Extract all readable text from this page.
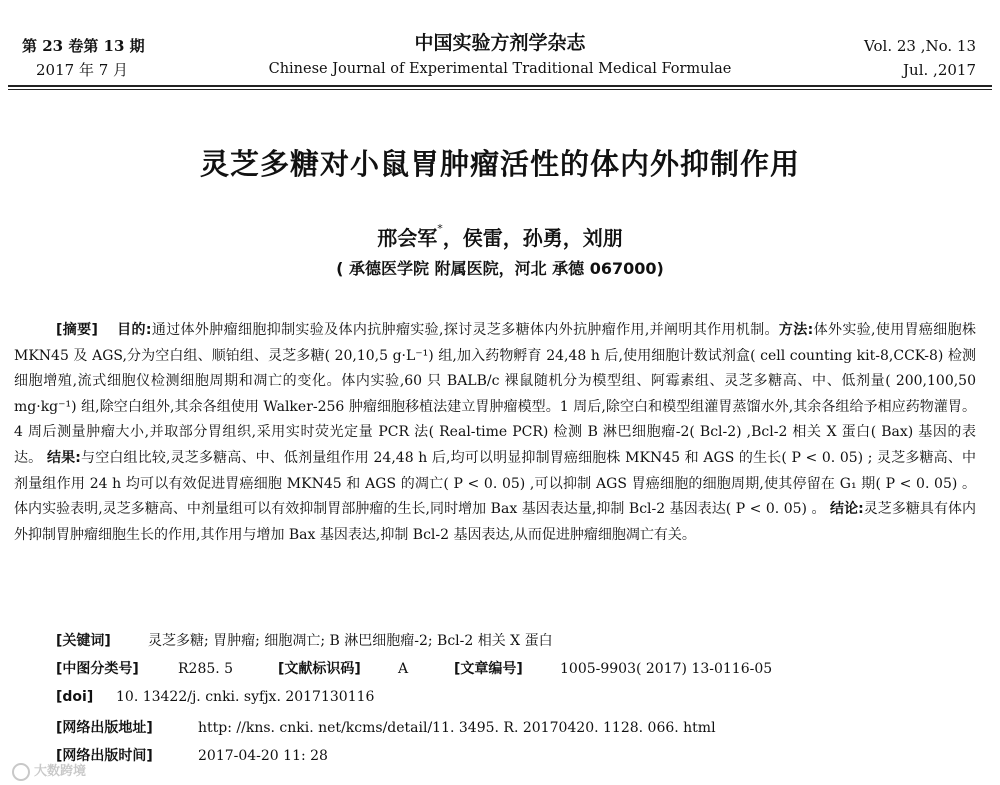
第 23 卷第 13 期
2017 年 7 月
中国实验方剂学杂志
Chinese Journal of Experimental Traditional Medical Formulae
Vol. 23 ,No. 13
Jul. ,2017
灵芝多糖对小鼠胃肿瘤活性的体内外抑制作用
邢会军*，侯雷，孙勇，刘朋
( 承德医学院 附属医院，河北 承德 067000)

[摘要] 目的:通过体外肿瘤细胞抑制实验及体内抗肿瘤实验,探讨灵芝多糖体内外抗肿瘤作用,并阐明其作用机制。方法:体外实验,使用胃癌细胞株 MKN45 及 AGS,分为空白组、顺铂组、灵芝多糖( 20,10,5 g·L⁻¹) 组,加入药物孵育 24,48 h 后,使用细胞计数试剂盒( cell counting kit-8,CCK-8) 检测细胞增殖,流式细胞仪检测细胞周期和凋亡的变化。体内实验,60 只 BALB/c 裸鼠随机分为模型组、阿霉素组、灵芝多糖高、中、低剂量( 200,100,50 mg·kg⁻¹) 组,除空白组外,其余各组使用 Walker-256 肿瘤细胞移植法建立胃肿瘤模型。1 周后,除空白和模型组灌胃蒸馏水外,其余各组给予相应药物灌胃。4 周后测量肿瘤大小,并取部分胃组织,采用实时荧光定量 PCR 法( Real-time PCR) 检测 B 淋巴细胞瘤-2( Bcl-2) ,Bcl-2 相关 X 蛋白( Bax) 基因的表达。 结果:与空白组比较,灵芝多糖高、中、低剂量组作用 24,48 h 后,均可以明显抑制胃癌细胞株 MKN45 和 AGS 的生长( P < 0. 05) ; 灵芝多糖高、中剂量组作用 24 h 均可以有效促进胃癌细胞 MKN45 和 AGS 的凋亡( P < 0. 05) ,可以抑制 AGS 胃癌细胞的细胞周期,使其停留在 G₁ 期( P < 0. 05) 。体内实验表明,灵芝多糖高、中剂量组可以有效抑制胃部肿瘤的生长,同时增加 Bax 基因表达量,抑制 Bcl-2 基因表达( P < 0. 05) 。 结论:灵芝多糖具有体内外抑制胃肿瘤细胞生长的作用,其作用与增加 Bax 基因表达,抑制 Bcl-2 基因表达,从而促进肿瘤细胞凋亡有关。

[关键词]	灵芝多糖; 胃肿瘤; 细胞凋亡; B 淋巴细胞瘤-2; Bcl-2 相关 X 蛋白
[中图分类号]	R285. 5	[文献标识码]	A	[文章编号]	1005-9903( 2017) 13-0116-05
[doi] 10. 13422/j. cnki. syfjx. 2017130116
[网络出版地址]	http: //kns. cnki. net/kcms/detail/11. 3495. R. 20170420. 1128. 066. html
[网络出版时间]	2017-04-20 11: 28
大数跨境
